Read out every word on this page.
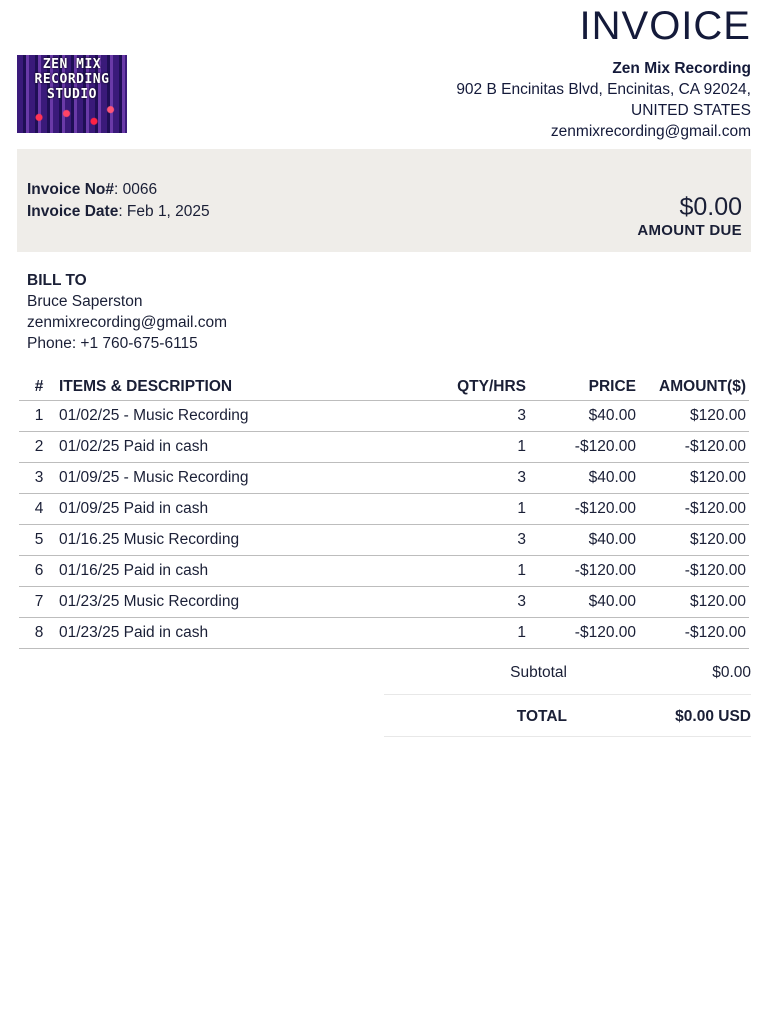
ZEN MIX
RECORDING
STUDIO
INVOICE
Zen Mix Recording
902 B Encinitas Blvd, Encinitas, CA 92024,
UNITED STATES
zenmixrecording@gmail.com
Invoice No#: 0066
Invoice Date: Feb 1, 2025	$0.00
AMOUNT DUE
BILL TO
Bruce Saperston
zenmixrecording@gmail.com
Phone: +1 760-675-6115
#	ITEMS & DESCRIPTION	QTY/HRS	PRICE	AMOUNT($)
1	01/02/25 - Music Recording	3	$40.00	$120.00
2	01/02/25 Paid in cash	1	-$120.00	-$120.00
3	01/09/25 - Music Recording	3	$40.00	$120.00
4	01/09/25 Paid in cash	1	-$120.00	-$120.00
5	01/16.25 Music Recording	3	$40.00	$120.00
6	01/16/25 Paid in cash	1	-$120.00	-$120.00
7	01/23/25 Music Recording	3	$40.00	$120.00
8	01/23/25 Paid in cash	1	-$120.00	-$120.00
Subtotal	$0.00
TOTAL	$0.00 USD
